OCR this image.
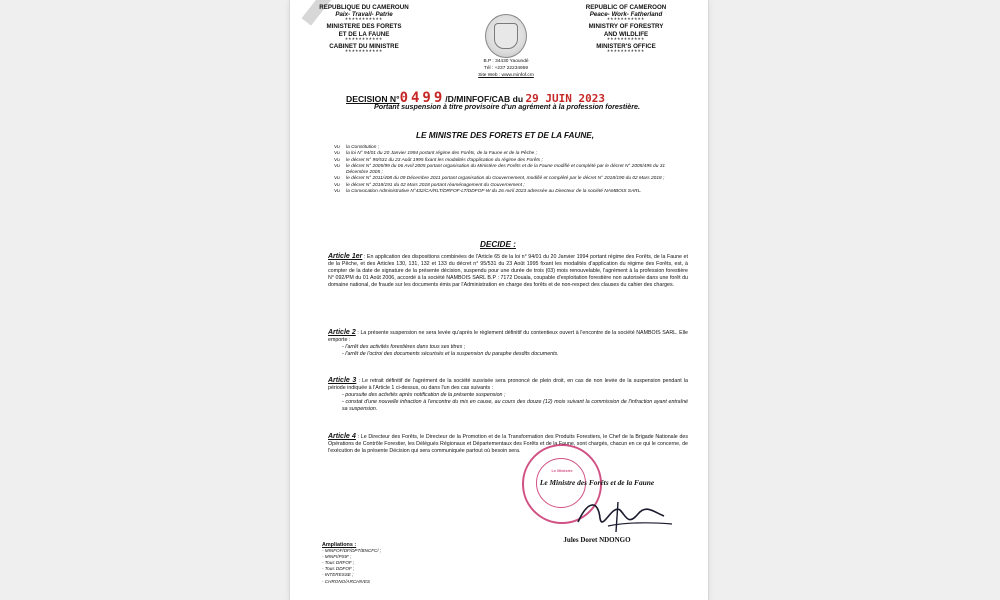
REPUBLIQUE DU CAMEROUN
Paix- Travail- Patrie
***********
MINISTERE DES FORETS
ET DE LA FAUNE
***********
CABINET DU MINISTRE
***********
REPUBLIC OF CAMEROON
Peace- Work- Fatherland
***********
MINISTRY OF FORESTRY
AND WILDLIFE
***********
MINISTER'S OFFICE
***********
B.P : 34430 Yaoundé
Tél : +237 22234959
Site Web : www.minfof.cm
DECISION N°0499/D/MINFOF/CAB du 29 JUIN 2023
Portant suspension à titre provisoire d'un agrément à la profession forestière.
LE MINISTRE DES FORETS ET DE LA FAUNE,
Vu	la Constitution ;
Vu	la loi N° 94/01 du 20 Janvier 1994 portant régime des Forêts, de la Faune et de la Pêche ;
Vu	le décret N° 95/531 du 23 Août 1995 fixant les modalités d'application du régime des Forêts ;
Vu	le décret N° 2005/99 du 06 Avril 2005 portant organisation du Ministère des Forêts et de la Faune modifié et complété par le décret N° 2005/495 du 31 Décembre 2005 ;
Vu	le décret N° 2011/408 du 09 Décembre 2011 portant organisation du Gouvernement, modifié et complété par le décret N° 2018/190 du 02 Mars 2018 ;
Vu	le décret N° 2018/191 du 02 Mars 2018 portant réaménagement du Gouvernement ;
Vu	la Convocation Administrative N°432/CA/RLT/DRFOF-LT/DDFOF-W du 26 Avril 2023 adressée au Directeur de la société NAMBOIS SARL.
DECIDE :
Article 1er : En application des dispositions combinées de l'Article 65 de la loi n° 94/01 du 20 Janvier 1994 portant régime des Forêts, de la Faune et de la Pêche, et des Articles 130, 131, 132 et 133 du décret n° 95/531 du 23 Août 1995 fixant les modalités d'application du régime des Forêts, est, à compter de la date de signature de la présente décision, suspendu pour une durée de trois (03) mois renouvelable, l'agrément à la profession forestière N° 092/PM du 01 Août 2006, accordé à la société NAMBOIS SARL B.P : 7172 Douala, coupable d'exploitation forestière non autorisée dans une forêt du domaine national, de fraude sur les documents émis par l'Administration en charge des forêts et de non-respect des clauses du cahier des charges.
Article 2 : La présente suspension ne sera levée qu'après le règlement définitif du contentieux ouvert à l'encontre de la société NAMBOIS SARL. Elle emporte :
- l'arrêt des activités forestières dans tous ses titres ;
- l'arrêt de l'octroi des documents sécurisés et la suspension du paraphe desdits documents.
Article 3 : Le retrait définitif de l'agrément de la société susvisée sera prononcé de plein droit, en cas de non levée de la suspension pendant la période indiquée à l'Article 1 ci-dessus, ou dans l'un des cas suivants :
- poursuite des activités après notification de la présente suspension ;
- constat d'une nouvelle infraction à l'encontre du mis en cause, au cours des douze (12) mois suivant la commission de l'infraction ayant entraîné sa suspension.
Article 4 : Le Directeur des Forêts, le Directeur de la Promotion et de la Transformation des Produits Forestiers, le Chef de la Brigade Nationale des Opérations de Contrôle Forestier, les Délégués Régionaux et Départementaux des Forêts et de la Faune, sont chargés, chacun en ce qui le concerne, de l'exécution de la présente Décision qui sera communiquée partout où besoin sera.
Le Ministre
Le Ministre des Forêts et de la Faune
Jules Doret NDONGO
Ampliations :
- MINFOF/DF/DPT/BNCFC/ ;
- MINFI/PSIF ;
- Tous DRFOF ;
- Tous DDFOF ;
- INTERESSE ;
- CHRONO/ARCHIVES
